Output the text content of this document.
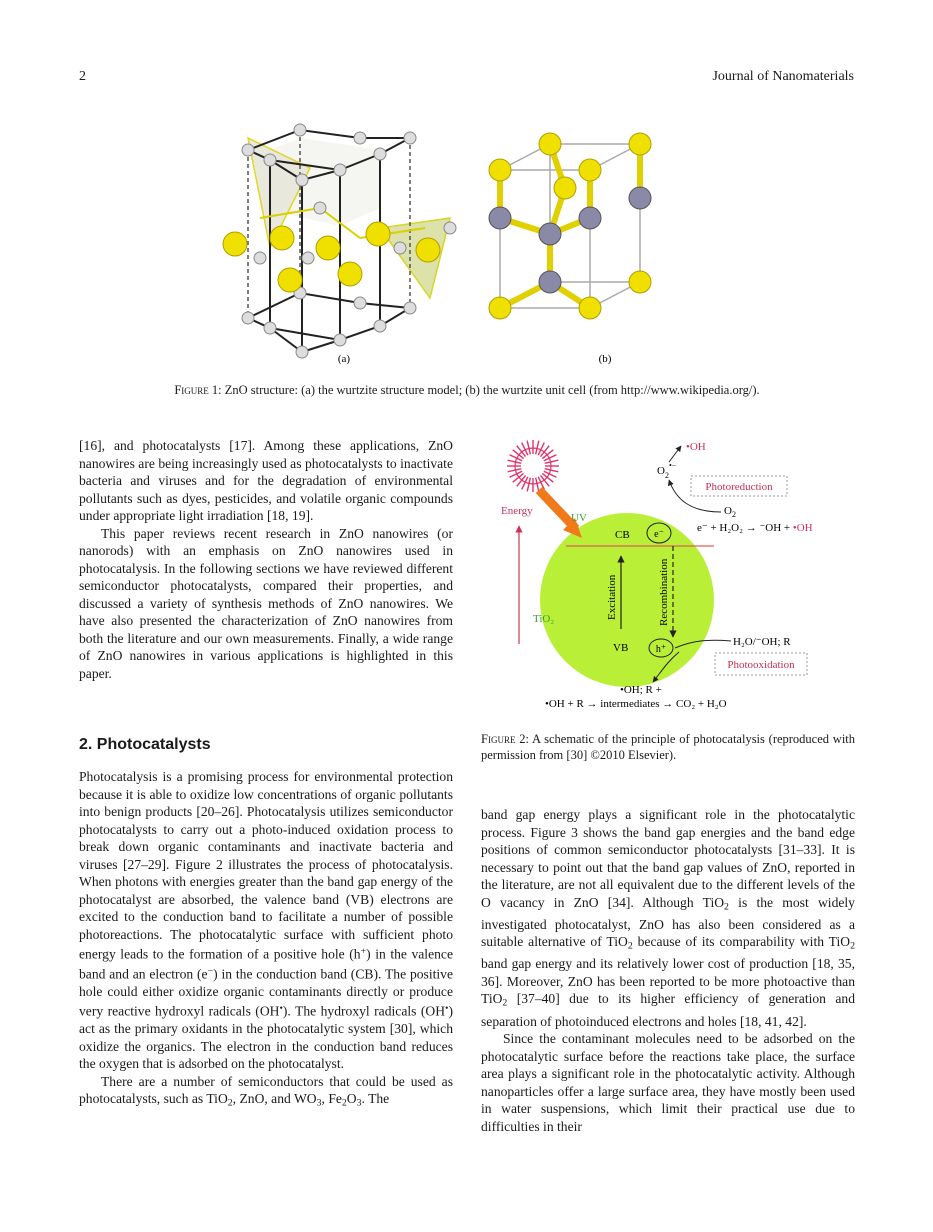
2	Journal of Nanomaterials
(a)	(b)
Figure 1: ZnO structure: (a) the wurtzite structure model; (b) the wurtzite unit cell (from http://www.wikipedia.org/).

[16], and photocatalysts [17]. Among these applications, ZnO nanowires are being increasingly used as photocatalysts to inactivate bacteria and viruses and for the degradation of environmental pollutants such as dyes, pesticides, and volatile organic compounds under appropriate light irradiation [18, 19].

This paper reviews recent research in ZnO nanowires (or nanorods) with an emphasis on ZnO nanowires used in photocatalysis. In the following sections we have reviewed different semiconductor photocatalysts, compared their properties, and discussed a variety of synthesis methods of ZnO nanowires. We have also presented the characterization of ZnO nanowires from both the literature and our own measurements. Finally, a wide range of ZnO nanowires in various applications is highlighted in this paper.

2. Photocatalysts

Photocatalysis is a promising process for environmental protection because it is able to oxidize low concentrations of organic pollutants into benign products [20–26]. Photocatalysis utilizes semiconductor photocatalysts to carry out a photo-induced oxidation process to break down organic contaminants and inactivate bacteria and viruses [27–29]. Figure 2 illustrates the process of photocatalysis. When photons with energies greater than the band gap energy of the photocatalyst are absorbed, the valence band (VB) electrons are excited to the conduction band to facilitate a number of possible photoreactions. The photocatalytic surface with sufficient photo energy leads to the formation of a positive hole (h+) in the valence band and an electron (e−) in the conduction band (CB). The positive hole could either oxidize organic contaminants directly or produce very reactive hydroxyl radicals (OH•). The hydroxyl radicals (OH•) act as the primary oxidants in the photocatalytic system [30], which oxidize the organics. The electron in the conduction band reduces the oxygen that is adsorbed on the photocatalyst.

There are a number of semiconductors that could be used as photocatalysts, such as TiO$_2$, ZnO, and $WO_3$, $Fe_2O_3$. The

Energy
UV
TiO₂
CB e⁻
VB	h⁺
Excitation	Recombination
•OH
$O_2^{•-}$
Photoreduction
$O_2$
e⁻ + H₂O₂ → ⁻OH + •OH
H₂O/⁻OH; R
Photooxidation
•OH; R +
•OH + R → intermediates → CO₂ + H₂O
Figure 2: A schematic of the principle of photocatalysis (reproduced with permission from [30] ©2010 Elsevier).

band gap energy plays a significant role in the photocatalytic process. Figure 3 shows the band gap energies and the band edge positions of common semiconductor photocatalysts [31–33]. It is necessary to point out that the band gap values of ZnO, reported in the literature, are not all equivalent due to the different levels of the O vacancy in ZnO [34]. Although TiO$_2$ is the most widely investigated photocatalyst, ZnO has also been considered as a suitable alternative of TiO$_2$ because of its comparability with TiO$_2$ band gap energy and its relatively lower cost of production [18, 35, 36]. Moreover, ZnO has been reported to be more photoactive than TiO$_2$ [37–40] due to its higher efficiency of generation and separation of photoinduced electrons and holes [18, 41, 42].

Since the contaminant molecules need to be adsorbed on the photocatalytic surface before the reactions take place, the surface area plays a significant role in the photocatalytic activity. Although nanoparticles offer a large surface area, they have mostly been used in water suspensions, which limit their practical use due to difficulties in their
